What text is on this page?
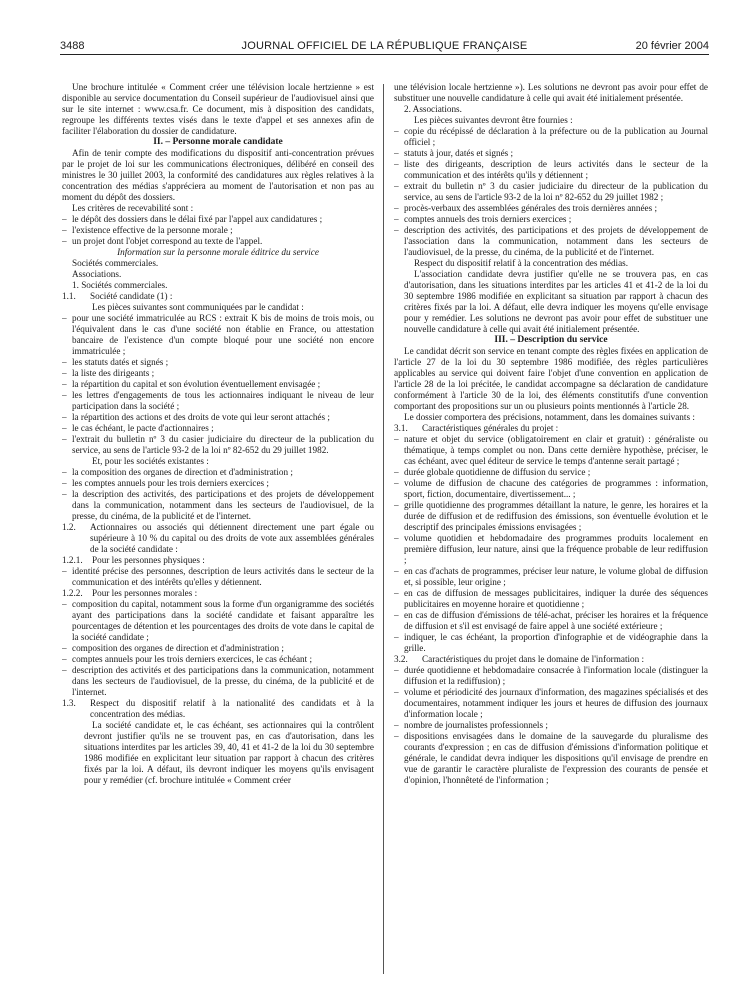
3488	JOURNAL OFFICIEL DE LA RÉPUBLIQUE FRANÇAISE	20 février 2004
Une brochure intitulée « Comment créer une télévision locale hertzienne » est disponible au service documentation du Conseil supérieur de l'audiovisuel ainsi que sur le site internet : www.csa.fr. Ce document, mis à disposition des candidats, regroupe les différents textes visés dans le texte d'appel et ses annexes afin de faciliter l'élaboration du dossier de candidature.
II. – Personne morale candidate
Afin de tenir compte des modifications du dispositif anti-concentration prévues par le projet de loi sur les communications électroniques, délibéré en conseil des ministres le 30 juillet 2003, la conformité des candidatures aux règles relatives à la concentration des médias s'appréciera au moment de l'autorisation et non pas au moment du dépôt des dossiers.
Les critères de recevabilité sont :
– le dépôt des dossiers dans le délai fixé par l'appel aux candidatures ;
– l'existence effective de la personne morale ;
– un projet dont l'objet correspond au texte de l'appel.
Information sur la personne morale éditrice du service
Sociétés commerciales.
Associations.
1. Sociétés commerciales.
1.1. Société candidate (1) :
Les pièces suivantes sont communiquées par le candidat :
– pour une société immatriculée au RCS : extrait K bis de moins de trois mois, ou l'équivalent dans le cas d'une société non établie en France, ou attestation bancaire de l'existence d'un compte bloqué pour une société non encore immatriculée ;
– les statuts datés et signés ;
– la liste des dirigeants ;
– la répartition du capital et son évolution éventuellement envisagée ;
– les lettres d'engagements de tous les actionnaires indiquant le niveau de leur participation dans la société ;
– la répartition des actions et des droits de vote qui leur seront attachés ;
– le cas échéant, le pacte d'actionnaires ;
– l'extrait du bulletin nº 3 du casier judiciaire du directeur de la publication du service, au sens de l'article 93-2 de la loi nº 82-652 du 29 juillet 1982.
Et, pour les sociétés existantes :
– la composition des organes de direction et d'administration ;
– les comptes annuels pour les trois derniers exercices ;
– la description des activités, des participations et des projets de développement dans la communication, notamment dans les secteurs de l'audiovisuel, de la presse, du cinéma, de la publicité et de l'internet.
1.2. Actionnaires ou associés qui détiennent directement une part égale ou supérieure à 10 % du capital ou des droits de vote aux assemblées générales de la société candidate :
1.2.1. Pour les personnes physiques :
– identité précise des personnes, description de leurs activités dans le secteur de la communication et des intérêts qu'elles y détiennent.
1.2.2. Pour les personnes morales :
– composition du capital, notamment sous la forme d'un organigramme des sociétés ayant des participations dans la société candidate et faisant apparaître les pourcentages de détention et les pourcentages des droits de vote dans le capital de la société candidate ;
– composition des organes de direction et d'administration ;
– comptes annuels pour les trois derniers exercices, le cas échéant ;
– description des activités et des participations dans la communication, notamment dans les secteurs de l'audiovisuel, de la presse, du cinéma, de la publicité et de l'internet.
1.3. Respect du dispositif relatif à la nationalité des candidats et à la concentration des médias.
La société candidate et, le cas échéant, ses actionnaires qui la contrôlent devront justifier qu'ils ne se trouvent pas, en cas d'autorisation, dans les situations interdites par les articles 39, 40, 41 et 41-2 de la loi du 30 septembre 1986 modifiée en explicitant leur situation par rapport à chacun des critères fixés par la loi. A défaut, ils devront indiquer les moyens qu'ils envisagent pour y remédier (cf. brochure intitulée « Comment créer
une télévision locale hertzienne »). Les solutions ne devront pas avoir pour effet de substituer une nouvelle candidature à celle qui avait été initialement présentée.
2. Associations.
Les pièces suivantes devront être fournies :
– copie du récépissé de déclaration à la préfecture ou de la publication au Journal officiel ;
– statuts à jour, datés et signés ;
– liste des dirigeants, description de leurs activités dans le secteur de la communication et des intérêts qu'ils y détiennent ;
– extrait du bulletin nº 3 du casier judiciaire du directeur de la publication du service, au sens de l'article 93-2 de la loi nº 82-652 du 29 juillet 1982 ;
– procès-verbaux des assemblées générales des trois dernières années ;
– comptes annuels des trois derniers exercices ;
– description des activités, des participations et des projets de développement de l'association dans la communication, notamment dans les secteurs de l'audiovisuel, de la presse, du cinéma, de la publicité et de l'internet.
Respect du dispositif relatif à la concentration des médias.
L'association candidate devra justifier qu'elle ne se trouvera pas, en cas d'autorisation, dans les situations interdites par les articles 41 et 41-2 de la loi du 30 septembre 1986 modifiée en explicitant sa situation par rapport à chacun des critères fixés par la loi. A défaut, elle devra indiquer les moyens qu'elle envisage pour y remédier. Les solutions ne devront pas avoir pour effet de substituer une nouvelle candidature à celle qui avait été initialement présentée.
III. – Description du service
Le candidat décrit son service en tenant compte des règles fixées en application de l'article 27 de la loi du 30 septembre 1986 modifiée, des règles particulières applicables au service qui doivent faire l'objet d'une convention en application de l'article 28 de la loi précitée, le candidat accompagne sa déclaration de candidature conformément à l'article 30 de la loi, des éléments constitutifs d'une convention comportant des propositions sur un ou plusieurs points mentionnés à l'article 28.
Le dossier comportera des précisions, notamment, dans les domaines suivants :
3.1. Caractéristiques générales du projet :
– nature et objet du service (obligatoirement en clair et gratuit) : généraliste ou thématique, à temps complet ou non. Dans cette dernière hypothèse, préciser, le cas échéant, avec quel éditeur de service le temps d'antenne serait partagé ;
– durée globale quotidienne de diffusion du service ;
– volume de diffusion de chacune des catégories de programmes : information, sport, fiction, documentaire, divertissement... ;
– grille quotidienne des programmes détaillant la nature, le genre, les horaires et la durée de diffusion et de rediffusion des émissions, son éventuelle évolution et le descriptif des principales émissions envisagées ;
– volume quotidien et hebdomadaire des programmes produits localement en première diffusion, leur nature, ainsi que la fréquence probable de leur rediffusion ;
– en cas d'achats de programmes, préciser leur nature, le volume global de diffusion et, si possible, leur origine ;
– en cas de diffusion de messages publicitaires, indiquer la durée des séquences publicitaires en moyenne horaire et quotidienne ;
– en cas de diffusion d'émissions de télé-achat, préciser les horaires et la fréquence de diffusion et s'il est envisagé de faire appel à une société extérieure ;
– indiquer, le cas échéant, la proportion d'infographie et de vidéographie dans la grille.
3.2. Caractéristiques du projet dans le domaine de l'information :
– durée quotidienne et hebdomadaire consacrée à l'information locale (distinguer la diffusion et la rediffusion) ;
– volume et périodicité des journaux d'information, des magazines spécialisés et des documentaires, notamment indiquer les jours et heures de diffusion des journaux d'information locale ;
– nombre de journalistes professionnels ;
– dispositions envisagées dans le domaine de la sauvegarde du pluralisme des courants d'expression ; en cas de diffusion d'émissions d'information politique et générale, le candidat devra indiquer les dispositions qu'il envisage de prendre en vue de garantir le caractère pluraliste de l'expression des courants de pensée et d'opinion, l'honnêteté de l'information ;
